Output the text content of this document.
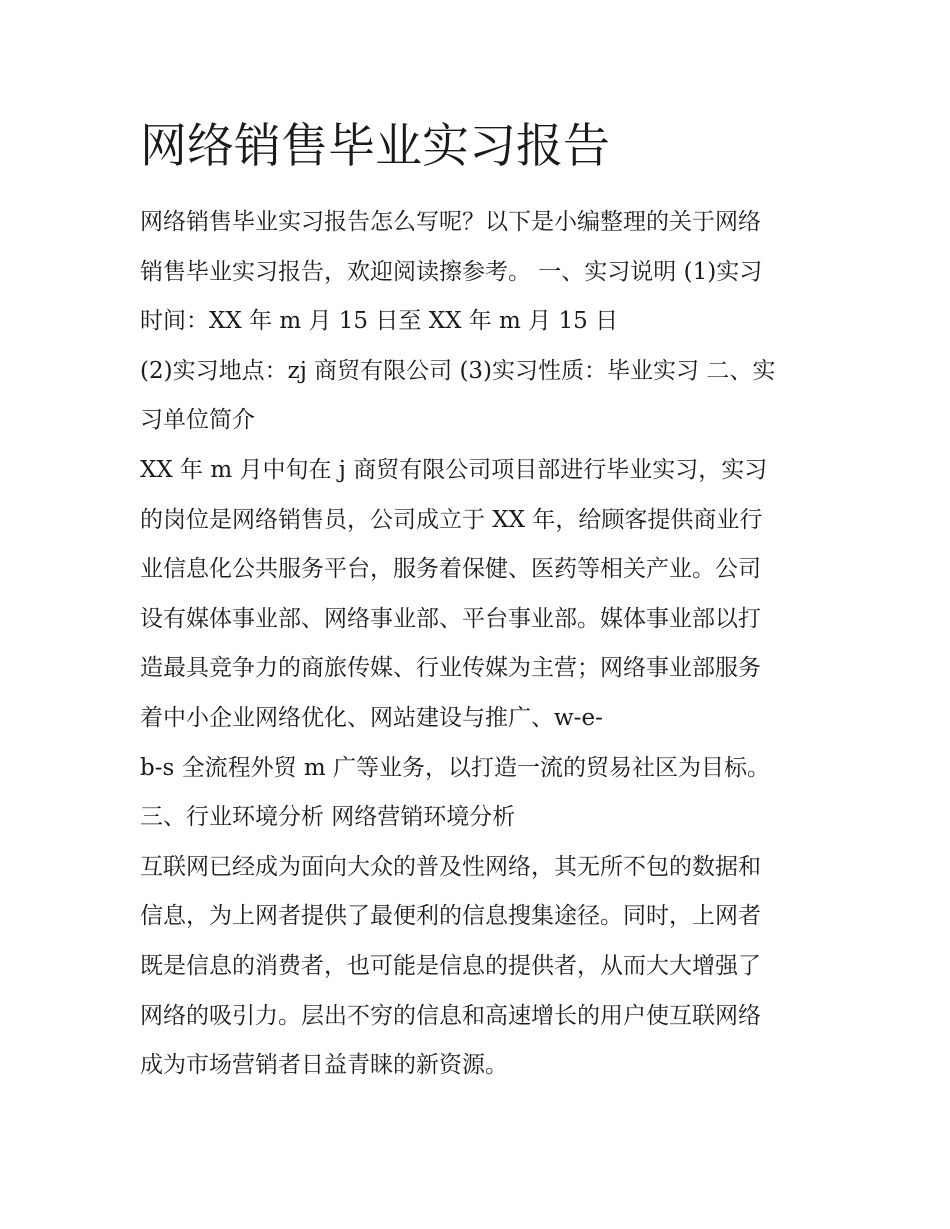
网络销售毕业实习报告
网络销售毕业实习报告怎么写呢？以下是小编整理的关于网络
销售毕业实习报告，欢迎阅读擦参考。 一、实习说明 (1)实习
时间：XX 年 m 月 15 日至 XX 年 m 月 15 日
(2)实习地点：zj 商贸有限公司 (3)实习性质：毕业实习 二、实
习单位简介
XX 年 m 月中旬在 j 商贸有限公司项目部进行毕业实习，实习
的岗位是网络销售员，公司成立于 XX 年，给顾客提供商业行
业信息化公共服务平台，服务着保健、医药等相关产业。公司
设有媒体事业部、网络事业部、平台事业部。媒体事业部以打
造最具竞争力的商旅传媒、行业传媒为主营；网络事业部服务
着中小企业网络优化、网站建设与推广、w-e-
b-s 全流程外贸 m 广等业务，以打造一流的贸易社区为目标。
三、行业环境分析 网络营销环境分析
互联网已经成为面向大众的普及性网络，其无所不包的数据和
信息，为上网者提供了最便利的信息搜集途径。同时，上网者
既是信息的消费者，也可能是信息的提供者，从而大大增强了
网络的吸引力。层出不穷的信息和高速增长的用户使互联网络
成为市场营销者日益青睐的新资源。
